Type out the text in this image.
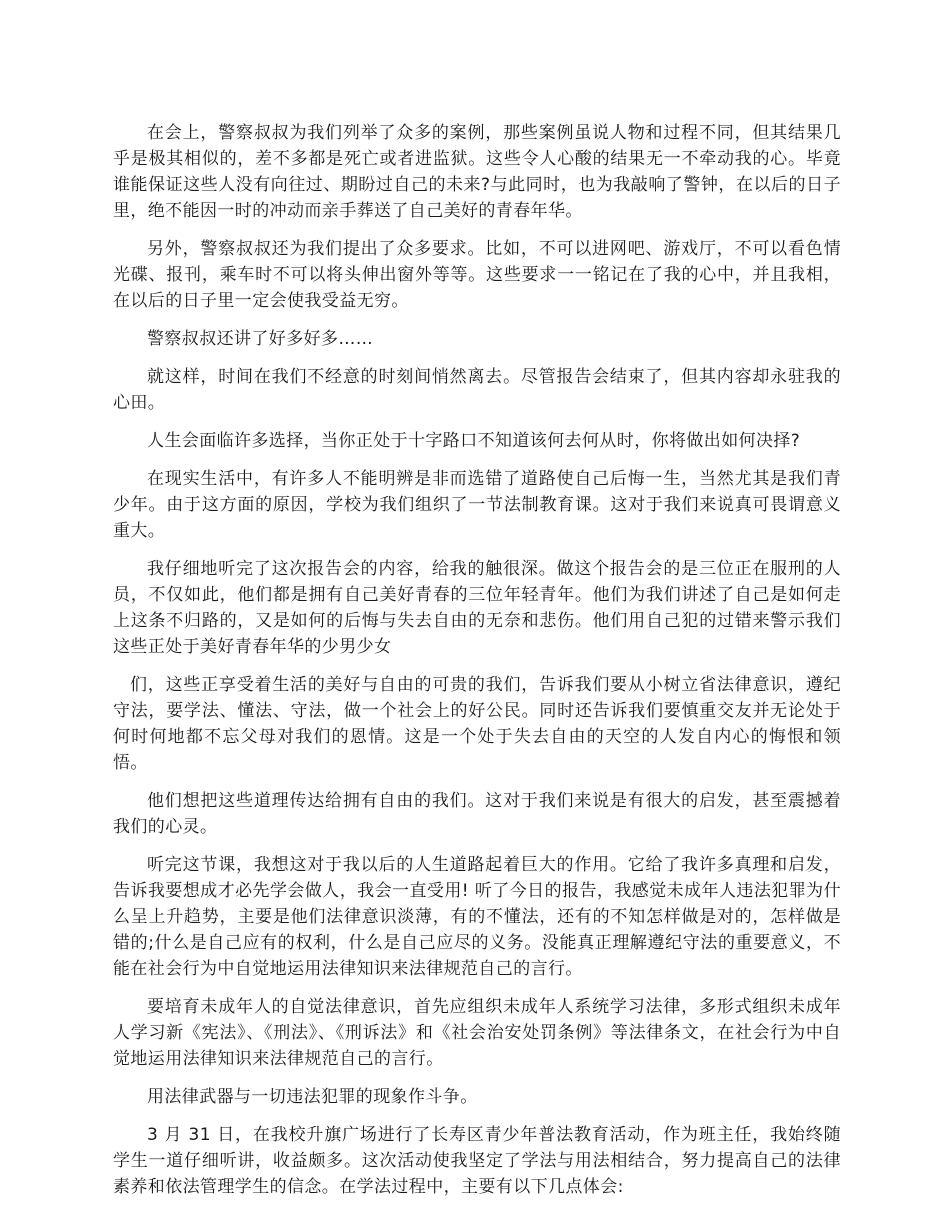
在会上，警察叔叔为我们列举了众多的案例，那些案例虽说人物和过程不同，但其结果几乎是极其相似的，差不多都是死亡或者进监狱。这些令人心酸的结果无一不牵动我的心。毕竟谁能保证这些人没有向往过、期盼过自己的未来?与此同时，也为我敲响了警钟，在以后的日子里，绝不能因一时的冲动而亲手葬送了自己美好的青春年华。

另外，警察叔叔还为我们提出了众多要求。比如，不可以进网吧、游戏厅，不可以看色情光碟、报刊，乘车时不可以将头伸出窗外等等。这些要求一一铭记在了我的心中，并且我相，在以后的日子里一定会使我受益无穷。

警察叔叔还讲了好多好多……

就这样，时间在我们不经意的时刻间悄然离去。尽管报告会结束了，但其内容却永驻我的心田。

人生会面临许多选择，当你正处于十字路口不知道该何去何从时，你将做出如何决择?

在现实生活中，有许多人不能明辨是非而选错了道路使自己后悔一生，当然尤其是我们青少年。由于这方面的原因，学校为我们组织了一节法制教育课。这对于我们来说真可畏谓意义重大。

我仔细地听完了这次报告会的内容，给我的触很深。做这个报告会的是三位正在服刑的人员，不仅如此，他们都是拥有自己美好青春的三位年轻青年。他们为我们讲述了自己是如何走上这条不归路的，又是如何的后悔与失去自由的无奈和悲伤。他们用自己犯的过错来警示我们这些正处于美好青春年华的少男少女

们，这些正享受着生活的美好与自由的可贵的我们，告诉我们要从小树立省法律意识，遵纪守法，要学法、懂法、守法，做一个社会上的好公民。同时还告诉我们要慎重交友并无论处于何时何地都不忘父母对我们的恩情。这是一个处于失去自由的天空的人发自内心的悔恨和领悟。

他们想把这些道理传达给拥有自由的我们。这对于我们来说是有很大的启发，甚至震撼着我们的心灵。

听完这节课，我想这对于我以后的人生道路起着巨大的作用。它给了我许多真理和启发，告诉我要想成才必先学会做人，我会一直受用! 听了今日的报告，我感觉未成年人违法犯罪为什么呈上升趋势，主要是他们法律意识淡薄，有的不懂法，还有的不知怎样做是对的，怎样做是错的;什么是自己应有的权利，什么是自己应尽的义务。没能真正理解遵纪守法的重要意义，不能在社会行为中自觉地运用法律知识来法律规范自己的言行。

要培育未成年人的自觉法律意识，首先应组织未成年人系统学习法律，多形式组织未成年人学习新《宪法》、《刑法》、《刑诉法》和《社会治安处罚条例》等法律条文，在社会行为中自觉地运用法律知识来法律规范自己的言行。

用法律武器与一切违法犯罪的现象作斗争。

3 月 31 日，在我校升旗广场进行了长寿区青少年普法教育活动，作为班主任，我始终随学生一道仔细听讲，收益颇多。这次活动使我坚定了学法与用法相结合，努力提高自己的法律素养和依法管理学生的信念。在学法过程中，主要有以下几点体会:
